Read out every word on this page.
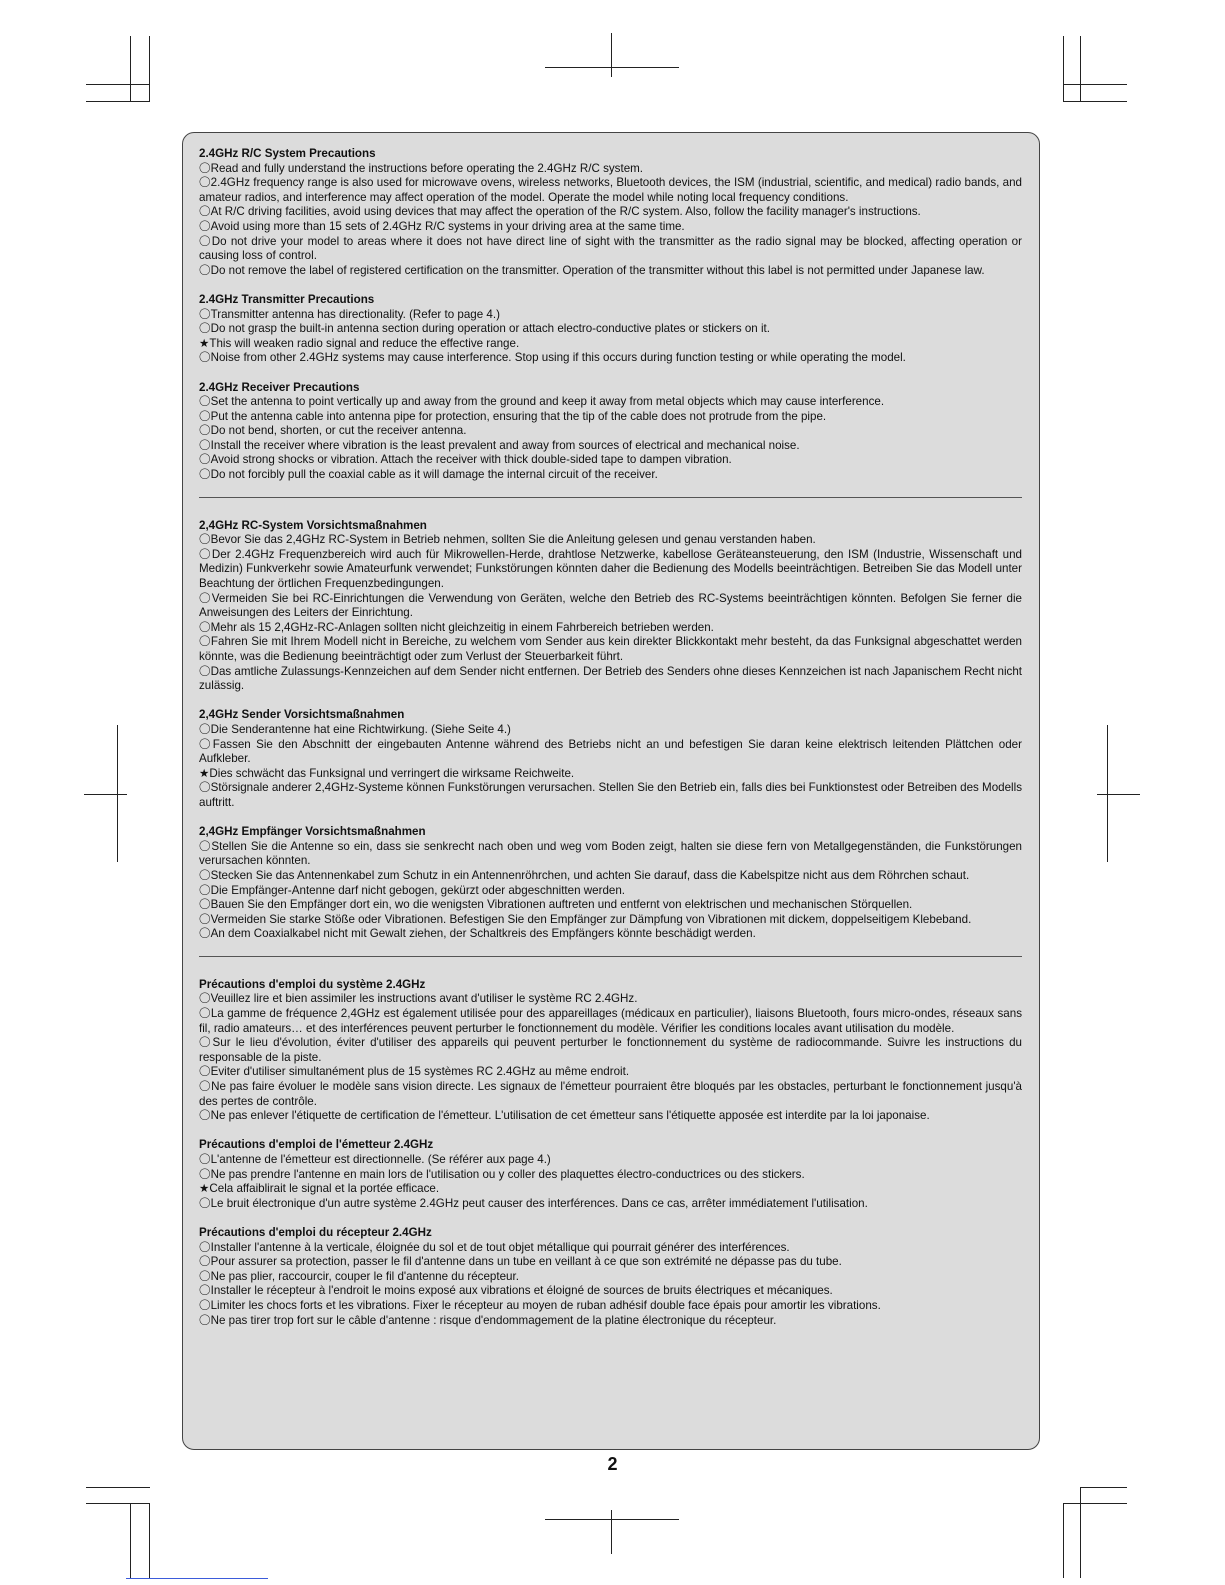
2.4GHz R/C System Precautions
〇Read and fully understand the instructions before operating the 2.4GHz R/C system.
〇2.4GHz frequency range is also used for microwave ovens, wireless networks, Bluetooth devices, the ISM (industrial, scientific, and medical) radio bands, and amateur radios, and interference may affect operation of the model. Operate the model while noting local frequency conditions.
〇At R/C driving facilities, avoid using devices that may affect the operation of the R/C system. Also, follow the facility manager's instructions.
〇Avoid using more than 15 sets of 2.4GHz R/C systems in your driving area at the same time.
〇Do not drive your model to areas where it does not have direct line of sight with the transmitter as the radio signal may be blocked, affecting operation or causing loss of control.
〇Do not remove the label of registered certification on the transmitter. Operation of the transmitter without this label is not permitted under Japanese law.
2.4GHz Transmitter Precautions
〇Transmitter antenna has directionality. (Refer to page 4.)
〇Do not grasp the built-in antenna section during operation or attach electro-conductive plates or stickers on it.
★This will weaken radio signal and reduce the effective range.
〇Noise from other 2.4GHz systems may cause interference. Stop using if this occurs during function testing or while operating the model.
2.4GHz Receiver Precautions
〇Set the antenna to point vertically up and away from the ground and keep it away from metal objects which may cause interference.
〇Put the antenna cable into antenna pipe for protection, ensuring that the tip of the cable does not protrude from the pipe.
〇Do not bend, shorten, or cut the receiver antenna.
〇Install the receiver where vibration is the least prevalent and away from sources of electrical and mechanical noise.
〇Avoid strong shocks or vibration. Attach the receiver with thick double-sided tape to dampen vibration.
〇Do not forcibly pull the coaxial cable as it will damage the internal circuit of the receiver.
2,4GHz RC-System Vorsichtsmaßnahmen
〇Bevor Sie das 2,4GHz RC-System in Betrieb nehmen, sollten Sie die Anleitung gelesen und genau verstanden haben.
〇Der 2.4GHz Frequenzbereich wird auch für Mikrowellen-Herde, drahtlose Netzwerke, kabellose Geräteansteuerung, den ISM (Industrie, Wissenschaft und Medizin) Funkverkehr sowie Amateurfunk verwendet; Funkstörungen könnten daher die Bedienung des Modells beeinträchtigen. Betreiben Sie das Modell unter Beachtung der örtlichen Frequenzbedingungen.
〇Vermeiden Sie bei RC-Einrichtungen die Verwendung von Geräten, welche den Betrieb des RC-Systems beeinträchtigen könnten. Befolgen Sie ferner die Anweisungen des Leiters der Einrichtung.
〇Mehr als 15 2,4GHz-RC-Anlagen sollten nicht gleichzeitig in einem Fahrbereich betrieben werden.
〇Fahren Sie mit Ihrem Modell nicht in Bereiche, zu welchem vom Sender aus kein direkter Blickkontakt mehr besteht, da das Funksignal abgeschattet werden könnte, was die Bedienung beeinträchtigt oder zum Verlust der Steuerbarkeit führt.
〇Das amtliche Zulassungs-Kennzeichen auf dem Sender nicht entfernen. Der Betrieb des Senders ohne dieses Kennzeichen ist nach Japanischem Recht nicht zulässig.
2,4GHz Sender Vorsichtsmaßnahmen
〇Die Senderantenne hat eine Richtwirkung. (Siehe Seite 4.)
〇Fassen Sie den Abschnitt der eingebauten Antenne während des Betriebs nicht an und befestigen Sie daran keine elektrisch leitenden Plättchen oder Aufkleber.
★Dies schwächt das Funksignal und verringert die wirksame Reichweite.
〇Störsignale anderer 2,4GHz-Systeme können Funkstörungen verursachen. Stellen Sie den Betrieb ein, falls dies bei Funktionstest oder Betreiben des Modells auftritt.
2,4GHz Empfänger Vorsichtsmaßnahmen
〇Stellen Sie die Antenne so ein, dass sie senkrecht nach oben und weg vom Boden zeigt, halten sie diese fern von Metallgegenständen, die Funkstörungen verursachen könnten.
〇Stecken Sie das Antennenkabel zum Schutz in ein Antennenröhrchen, und achten Sie darauf, dass die Kabelspitze nicht aus dem Röhrchen schaut.
〇Die Empfänger-Antenne darf nicht gebogen, gekürzt oder abgeschnitten werden.
〇Bauen Sie den Empfänger dort ein, wo die wenigsten Vibrationen auftreten und entfernt von elektrischen und mechanischen Störquellen.
〇Vermeiden Sie starke Stöße oder Vibrationen. Befestigen Sie den Empfänger zur Dämpfung von Vibrationen mit dickem, doppelseitigem Klebeband.
〇An dem Coaxialkabel nicht mit Gewalt ziehen, der Schaltkreis des Empfängers könnte beschädigt werden.
Précautions d'emploi du système 2.4GHz
〇Veuillez lire et bien assimiler les instructions avant d'utiliser le système RC 2.4GHz.
〇La gamme de fréquence 2,4GHz est également utilisée pour des appareillages (médicaux en particulier), liaisons Bluetooth, fours micro-ondes, réseaux sans fil, radio amateurs… et des interférences peuvent perturber le fonctionnement du modèle. Vérifier les conditions locales avant utilisation du modèle.
〇Sur le lieu d'évolution, éviter d'utiliser des appareils qui peuvent perturber le fonctionnement du système de radiocommande. Suivre les instructions du responsable de la piste.
〇Eviter d'utiliser simultanément plus de 15 systèmes RC 2.4GHz au même endroit.
〇Ne pas faire évoluer le modèle sans vision directe. Les signaux de l'émetteur pourraient être bloqués par les obstacles, perturbant le fonctionnement jusqu'à des pertes de contrôle.
〇Ne pas enlever l'étiquette de certification de l'émetteur. L'utilisation de cet émetteur sans l'étiquette apposée est interdite par la loi japonaise.
Précautions d'emploi de l'émetteur 2.4GHz
〇L'antenne de l'émetteur est directionnelle. (Se référer aux page 4.)
〇Ne pas prendre l'antenne en main lors de l'utilisation ou y coller des plaquettes électro-conductrices ou des stickers.
★Cela affaiblirait le signal et la portée efficace.
〇Le bruit électronique d'un autre système 2.4GHz peut causer des interférences. Dans ce cas, arrêter immédiatement l'utilisation.
Précautions d'emploi du récepteur 2.4GHz
〇Installer l'antenne à la verticale, éloignée du sol et de tout objet métallique qui pourrait générer des interférences.
〇Pour assurer sa protection, passer le fil d'antenne dans un tube en veillant à ce que son extrémité ne dépasse pas du tube.
〇Ne pas plier, raccourcir, couper le fil d'antenne du récepteur.
〇Installer le récepteur à l'endroit le moins exposé aux vibrations et éloigné de sources de bruits électriques et mécaniques.
〇Limiter les chocs forts et les vibrations. Fixer le récepteur au moyen de ruban adhésif double face épais pour amortir les vibrations.
〇Ne pas tirer trop fort sur le câble d'antenne : risque d'endommagement de la platine électronique du récepteur.
2
